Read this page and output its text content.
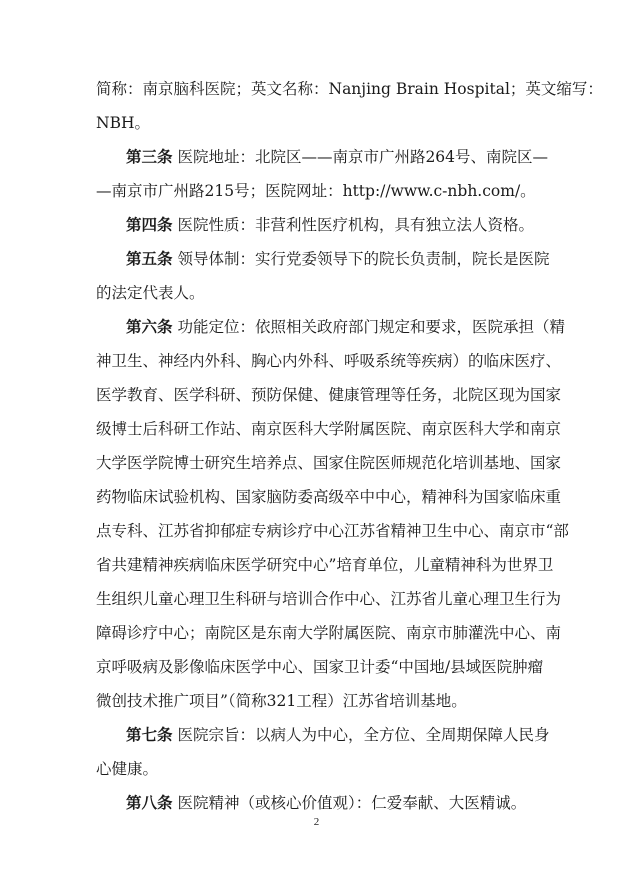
简称：南京脑科医院；英文名称：Nanjing Brain Hospital；英文缩写：
NBH。
第三条 医院地址：北院区——南京市广州路264号、南院区—
—南京市广州路215号；医院网址：http://www.c-nbh.com/。
第四条 医院性质：非营利性医疗机构，具有独立法人资格。
第五条 领导体制：实行党委领导下的院长负责制，院长是医院
的法定代表人。
第六条 功能定位：依照相关政府部门规定和要求，医院承担（精
神卫生、神经内外科、胸心内外科、呼吸系统等疾病）的临床医疗、
医学教育、医学科研、预防保健、健康管理等任务，北院区现为国家
级博士后科研工作站、南京医科大学附属医院、南京医科大学和南京
大学医学院博士研究生培养点、国家住院医师规范化培训基地、国家
药物临床试验机构、国家脑防委高级卒中中心，精神科为国家临床重
点专科、江苏省抑郁症专病诊疗中心江苏省精神卫生中心、南京市“部
省共建精神疾病临床医学研究中心”培育单位，儿童精神科为世界卫
生组织儿童心理卫生科研与培训合作中心、江苏省儿童心理卫生行为
障碍诊疗中心；南院区是东南大学附属医院、南京市肺灌洗中心、南
京呼吸病及影像临床医学中心、国家卫计委“中国地/县域医院肿瘤
微创技术推广项目”（简称321工程）江苏省培训基地。
第七条 医院宗旨：以病人为中心，全方位、全周期保障人民身
心健康。
第八条 医院精神（或核心价值观）：仁爱奉献、大医精诚。
2
